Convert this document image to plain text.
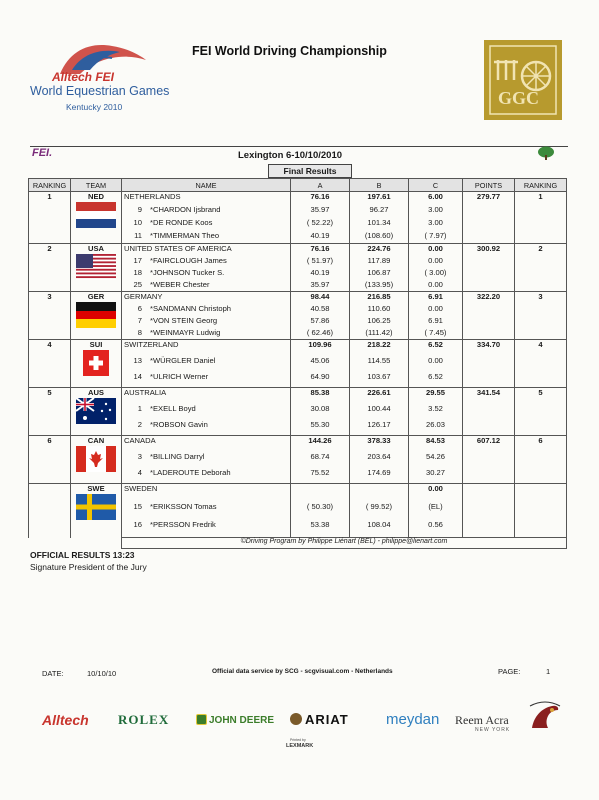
Alltech FEI
World Equestrian Games
Kentucky 2010
FEI World Driving Championship
GGC
FEI.	Lexington 6-10/10/2010
Final Results
RANKING	TEAM	NAME	A	B	C	POINTS	RANKING
1	NED	NETHERLANDS	76.16	197.61	6.00	279.77	1
		9 *CHARDON Ijsbrand	35.97	96.27	3.00		
		10 *DE RONDE Koos	( 52.22)	101.34	3.00		
		11 *TIMMERMAN Theo	40.19	(108.60)	( 7.97)		
2	USA	UNITED STATES OF AMERICA	76.16	224.76	0.00	300.92	2
		17 *FAIRCLOUGH James	( 51.97)	117.89	0.00		
		18 *JOHNSON Tucker S.	40.19	106.87	( 3.00)		
		25 *WEBER Chester	35.97	(133.95)	0.00		
3	GER	GERMANY	98.44	216.85	6.91	322.20	3
		6 *SANDMANN Christoph	40.58	110.60	0.00		
		7 *VON STEIN Georg	57.86	106.25	6.91		
		8 *WEINMAYR Ludwig	( 62.46)	(111.42)	( 7.45)		
4	SUI	SWITZERLAND	109.96	218.22	6.52	334.70	4
		13 *WÜRGLER Daniel	45.06	114.55	0.00		
		14 *ULRICH Werner	64.90	103.67	6.52		
5	AUS	AUSTRALIA	85.38	226.61	29.55	341.54	5
		1 *EXELL Boyd	30.08	100.44	3.52		
		2 *ROBSON Gavin	55.30	126.17	26.03		
6	CAN	CANADA	144.26	378.33	84.53	607.12	6
		3 *BILLING Darryl	68.74	203.64	54.26		
		4 *LADEROUTE Deborah	75.52	174.69	30.27		
	SWE	SWEDEN			0.00		
		15 *ERIKSSON Tomas	( 50.30)	( 99.52)	(EL)		
		16 *PERSSON Fredrik	53.38	108.04	0.56		
		©Driving Program by Philippe Liénart (BEL) - philippe@lienart.com					
OFFICIAL RESULTS 13:23
Signature President of the Jury
DATE:	10/10/10	Official data service by SCG - scgvisual.com - Netherlands	PAGE:	1
Alltech ROLEX	JOHN DEERE	ARIAT meydan Reem Acra
NEW YORK
Printed by
LEXMARK
